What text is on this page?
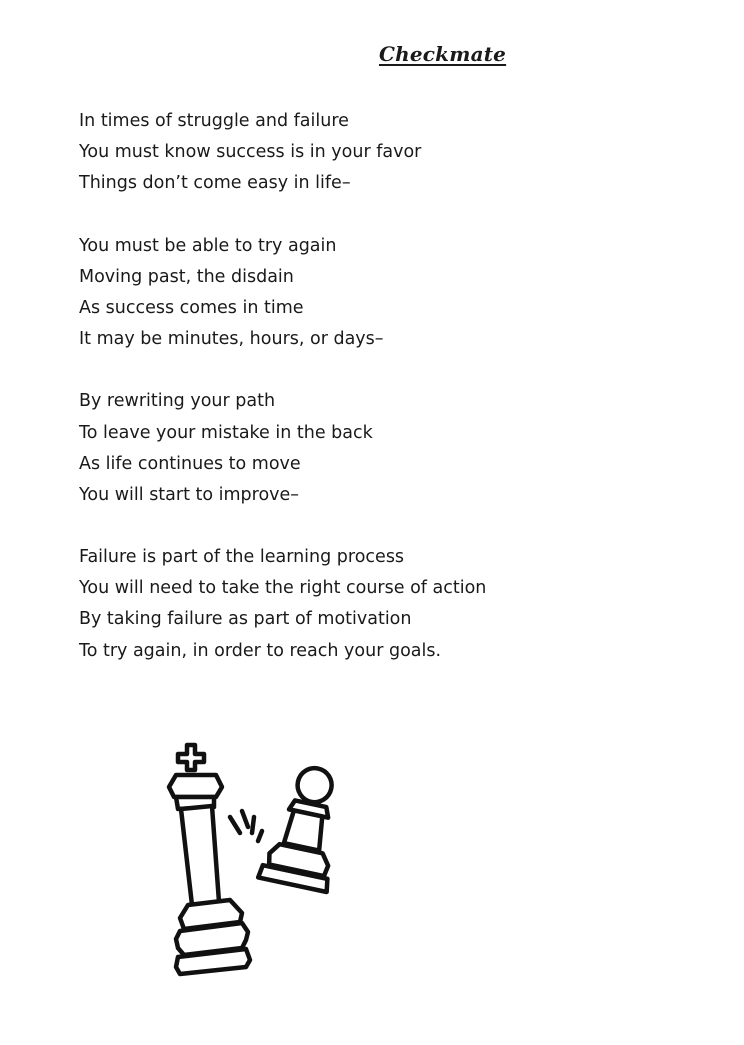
Checkmate
In times of struggle and failure
You must know success is in your favor
Things don’t come easy in life–
You must be able to try again
Moving past, the disdain
As success comes in time
It may be minutes, hours, or days–
By rewriting your path
To leave your mistake in the back
As life continues to move
You will start to improve–
Failure is part of the learning process
You will need to take the right course of action
By taking failure as part of motivation
To try again, in order to reach your goals.
